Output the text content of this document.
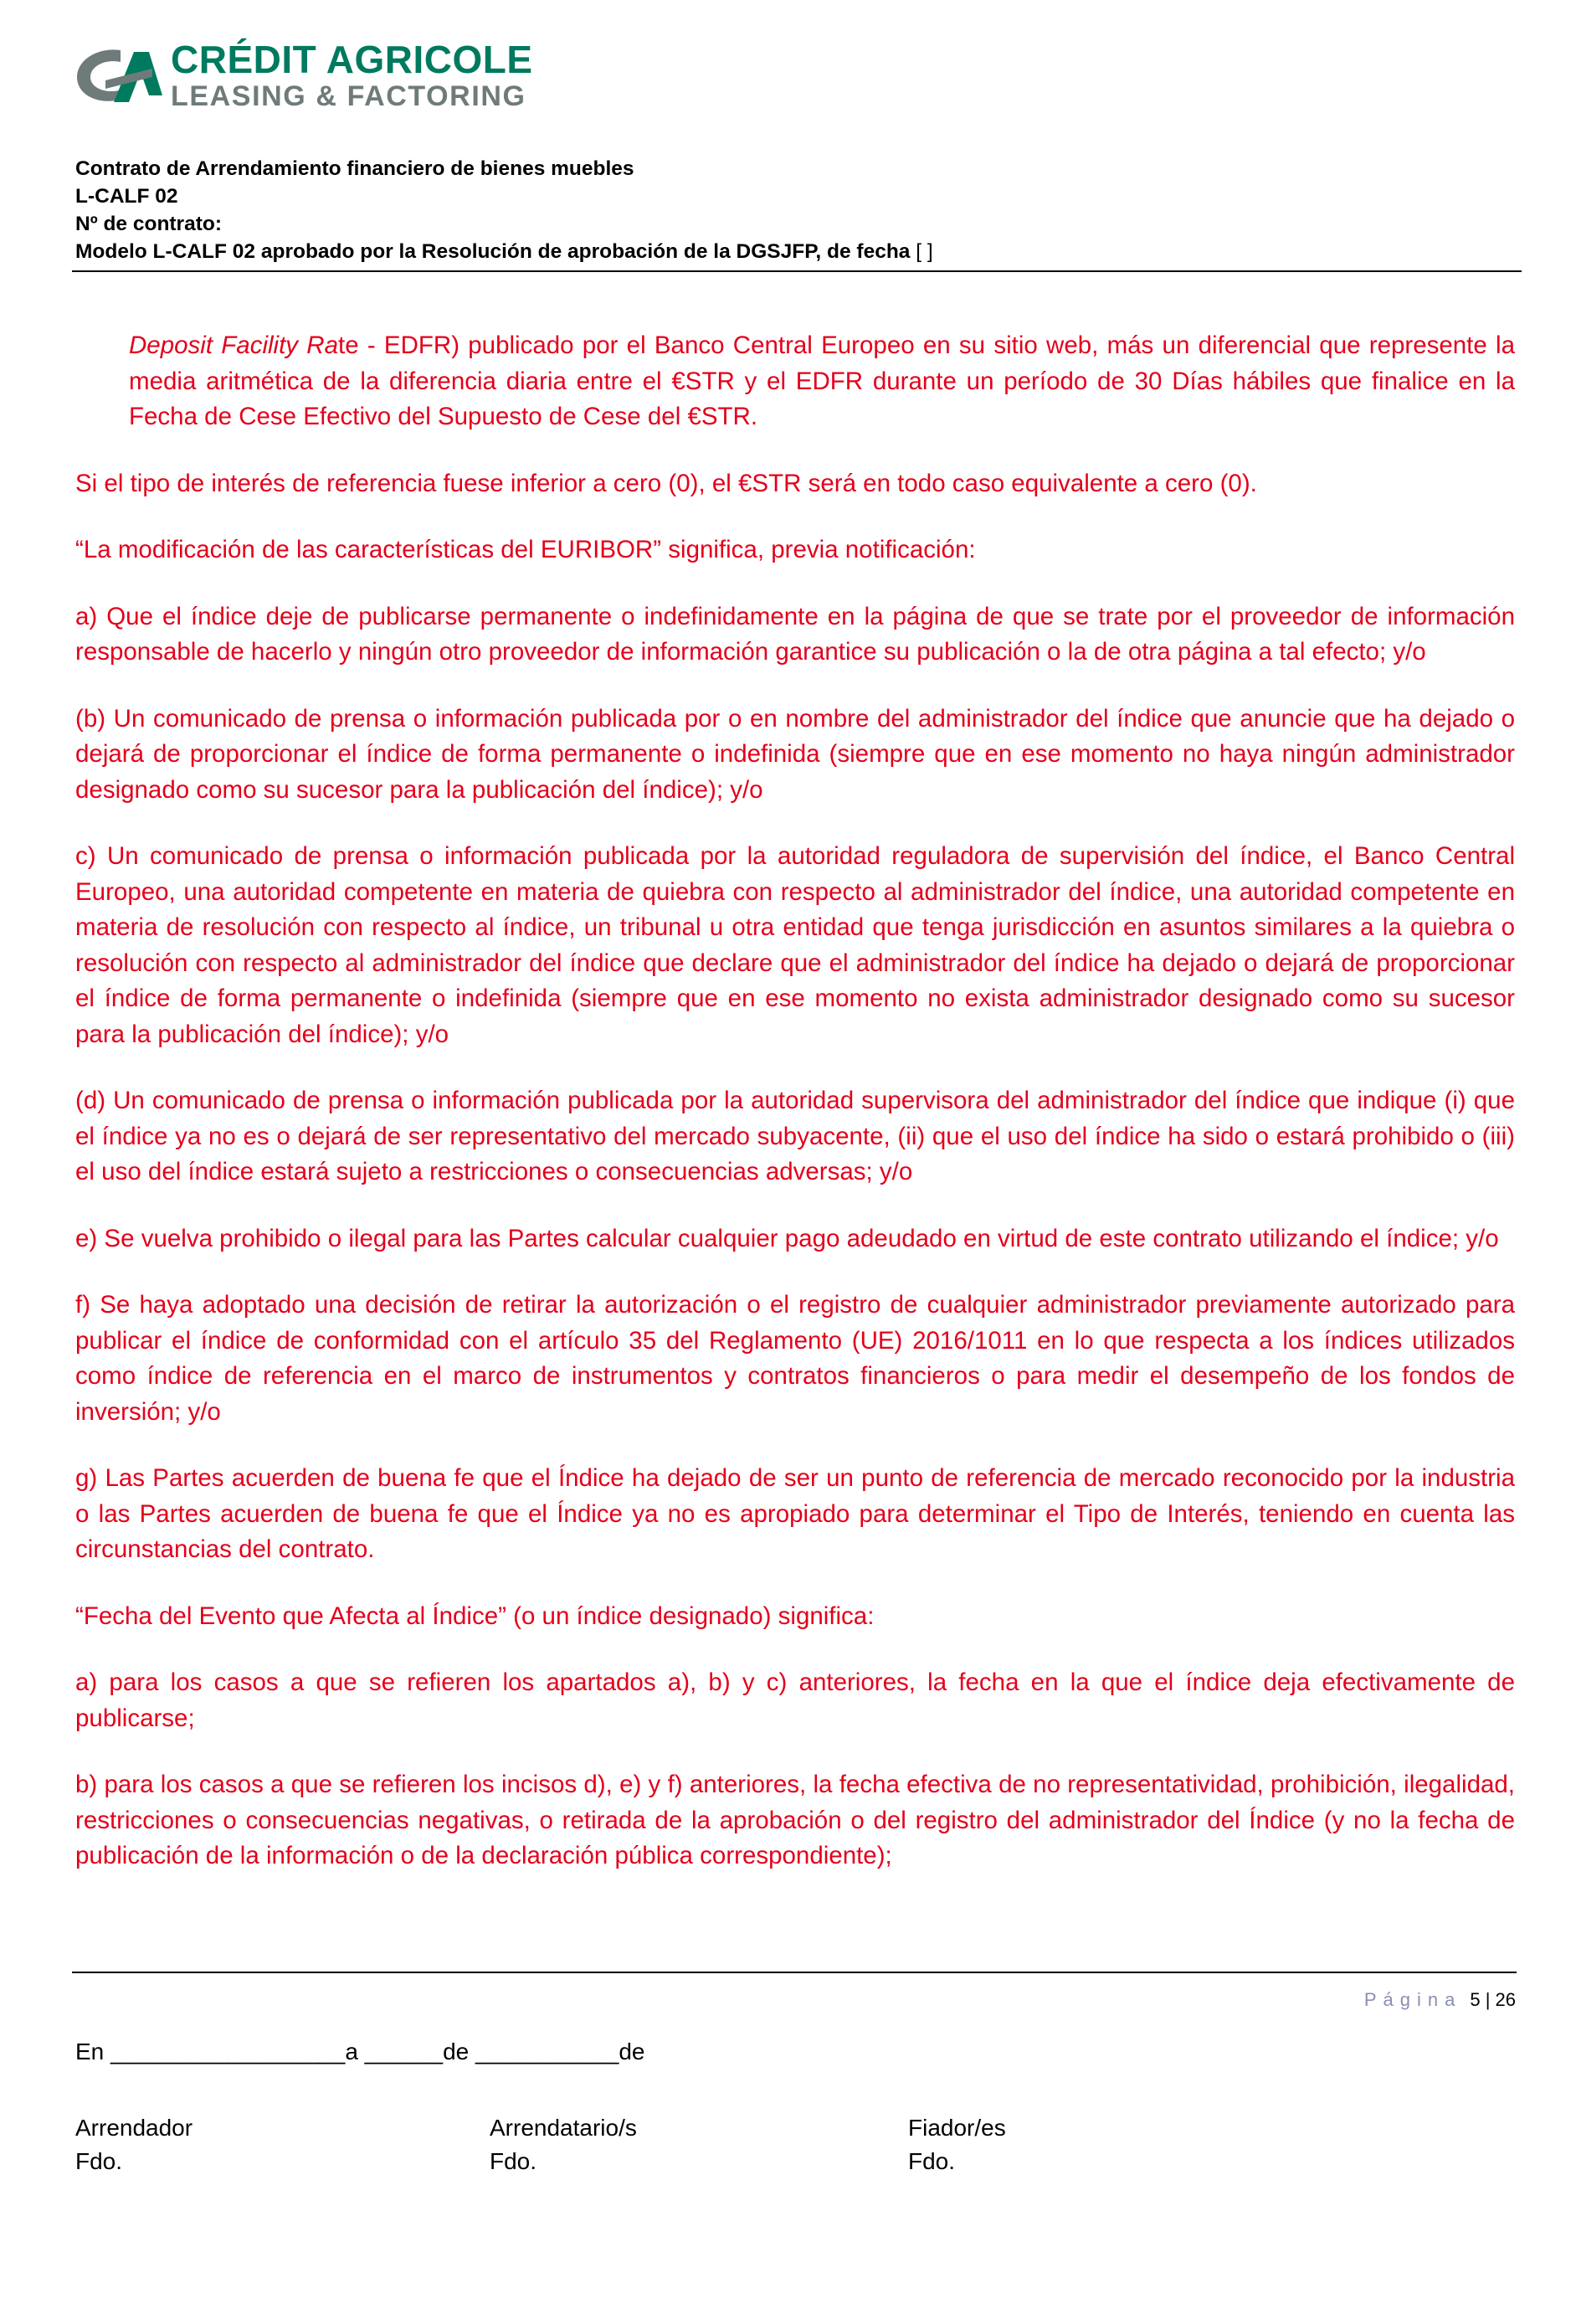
CRÉDIT AGRICOLE
LEASING & FACTORING
Contrato de Arrendamiento financiero de bienes muebles
L-CALF 02
Nº de contrato:
Modelo L-CALF 02 aprobado por la Resolución de aprobación de la DGSJFP, de fecha [ ]

Deposit Facility Rate - EDFR) publicado por el Banco Central Europeo en su sitio web, más un diferencial que represente la media aritmética de la diferencia diaria entre el €STR y el EDFR durante un período de 30 Días hábiles que finalice en la Fecha de Cese Efectivo del Supuesto de Cese del €STR.

Si el tipo de interés de referencia fuese inferior a cero (0), el €STR será en todo caso equivalente a cero (0).

“La modificación de las características del EURIBOR” significa, previa notificación:

a) Que el índice deje de publicarse permanente o indefinidamente en la página de que se trate por el proveedor de información responsable de hacerlo y ningún otro proveedor de información garantice su publicación o la de otra página a tal efecto; y/o

(b) Un comunicado de prensa o información publicada por o en nombre del administrador del índice que anuncie que ha dejado o dejará de proporcionar el índice de forma permanente o indefinida (siempre que en ese momento no haya ningún administrador designado como su sucesor para la publicación del índice); y/o

c) Un comunicado de prensa o información publicada por la autoridad reguladora de supervisión del índice, el Banco Central Europeo, una autoridad competente en materia de quiebra con respecto al administrador del índice, una autoridad competente en materia de resolución con respecto al índice, un tribunal u otra entidad que tenga jurisdicción en asuntos similares a la quiebra o resolución con respecto al administrador del índice que declare que el administrador del índice ha dejado o dejará de proporcionar el índice de forma permanente o indefinida (siempre que en ese momento no exista administrador designado como su sucesor para la publicación del índice); y/o

(d) Un comunicado de prensa o información publicada por la autoridad supervisora del administrador del índice que indique (i) que el índice ya no es o dejará de ser representativo del mercado subyacente, (ii) que el uso del índice ha sido o estará prohibido o (iii) el uso del índice estará sujeto a restricciones o consecuencias adversas; y/o

e) Se vuelva prohibido o ilegal para las Partes calcular cualquier pago adeudado en virtud de este contrato utilizando el índice; y/o

f) Se haya adoptado una decisión de retirar la autorización o el registro de cualquier administrador previamente autorizado para publicar el índice de conformidad con el artículo 35 del Reglamento (UE) 2016/1011 en lo que respecta a los índices utilizados como índice de referencia en el marco de instrumentos y contratos financieros o para medir el desempeño de los fondos de inversión; y/o

g) Las Partes acuerden de buena fe que el Índice ha dejado de ser un punto de referencia de mercado reconocido por la industria o las Partes acuerden de buena fe que el Índice ya no es apropiado para determinar el Tipo de Interés, teniendo en cuenta las circunstancias del contrato.

“Fecha del Evento que Afecta al Índice” (o un índice designado) significa:

a) para los casos a que se refieren los apartados a), b) y c) anteriores, la fecha en la que el índice deja efectivamente de publicarse;

b) para los casos a que se refieren los incisos d), e) y f) anteriores, la fecha efectiva de no representatividad, prohibición, ilegalidad, restricciones o consecuencias negativas, o retirada de la aprobación o del registro del administrador del Índice (y no la fecha de publicación de la información o de la declaración pública correspondiente);

Página 5 | 26
En __________________a ______de ___________de
Arrendador
Fdo.
Arrendatario/s
Fdo.
Fiador/es
Fdo.
